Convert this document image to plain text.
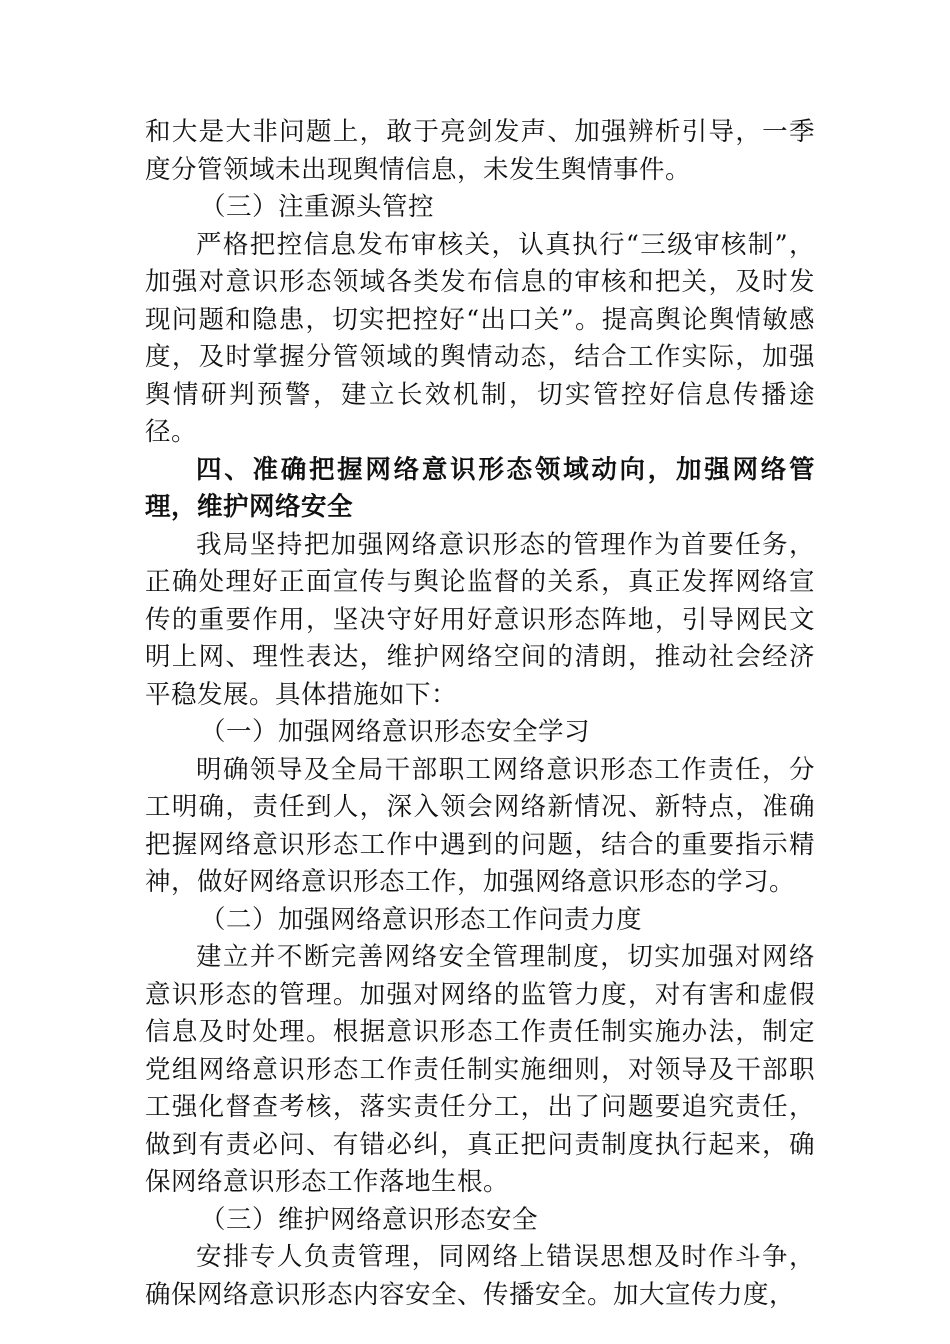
和大是大非问题上，敢于亮剑发声、加强辨析引导，一季度分管领域未出现舆情信息，未发生舆情事件。

（三）注重源头管控

严格把控信息发布审核关，认真执行“三级审核制”，加强对意识形态领域各类发布信息的审核和把关，及时发现问题和隐患，切实把控好“出口关”。提高舆论舆情敏感度，及时掌握分管领域的舆情动态，结合工作实际，加强舆情研判预警，建立长效机制，切实管控好信息传播途径。

四、准确把握网络意识形态领域动向，加强网络管理，维护网络安全

我局坚持把加强网络意识形态的管理作为首要任务，正确处理好正面宣传与舆论监督的关系，真正发挥网络宣传的重要作用，坚决守好用好意识形态阵地，引导网民文明上网、理性表达，维护网络空间的清朗，推动社会经济平稳发展。具体措施如下：

（一）加强网络意识形态安全学习

明确领导及全局干部职工网络意识形态工作责任，分工明确，责任到人，深入领会网络新情况、新特点，准确把握网络意识形态工作中遇到的问题，结合的重要指示精神，做好网络意识形态工作，加强网络意识形态的学习。

（二）加强网络意识形态工作问责力度

建立并不断完善网络安全管理制度，切实加强对网络意识形态的管理。加强对网络的监管力度，对有害和虚假信息及时处理。根据意识形态工作责任制实施办法，制定党组网络意识形态工作责任制实施细则，对领导及干部职工强化督查考核，落实责任分工，出了问题要追究责任，做到有责必问、有错必纠，真正把问责制度执行起来，确保网络意识形态工作落地生根。

（三）维护网络意识形态安全

安排专人负责管理，同网络上错误思想及时作斗争，确保网络意识形态内容安全、传播安全。加大宣传力度，
